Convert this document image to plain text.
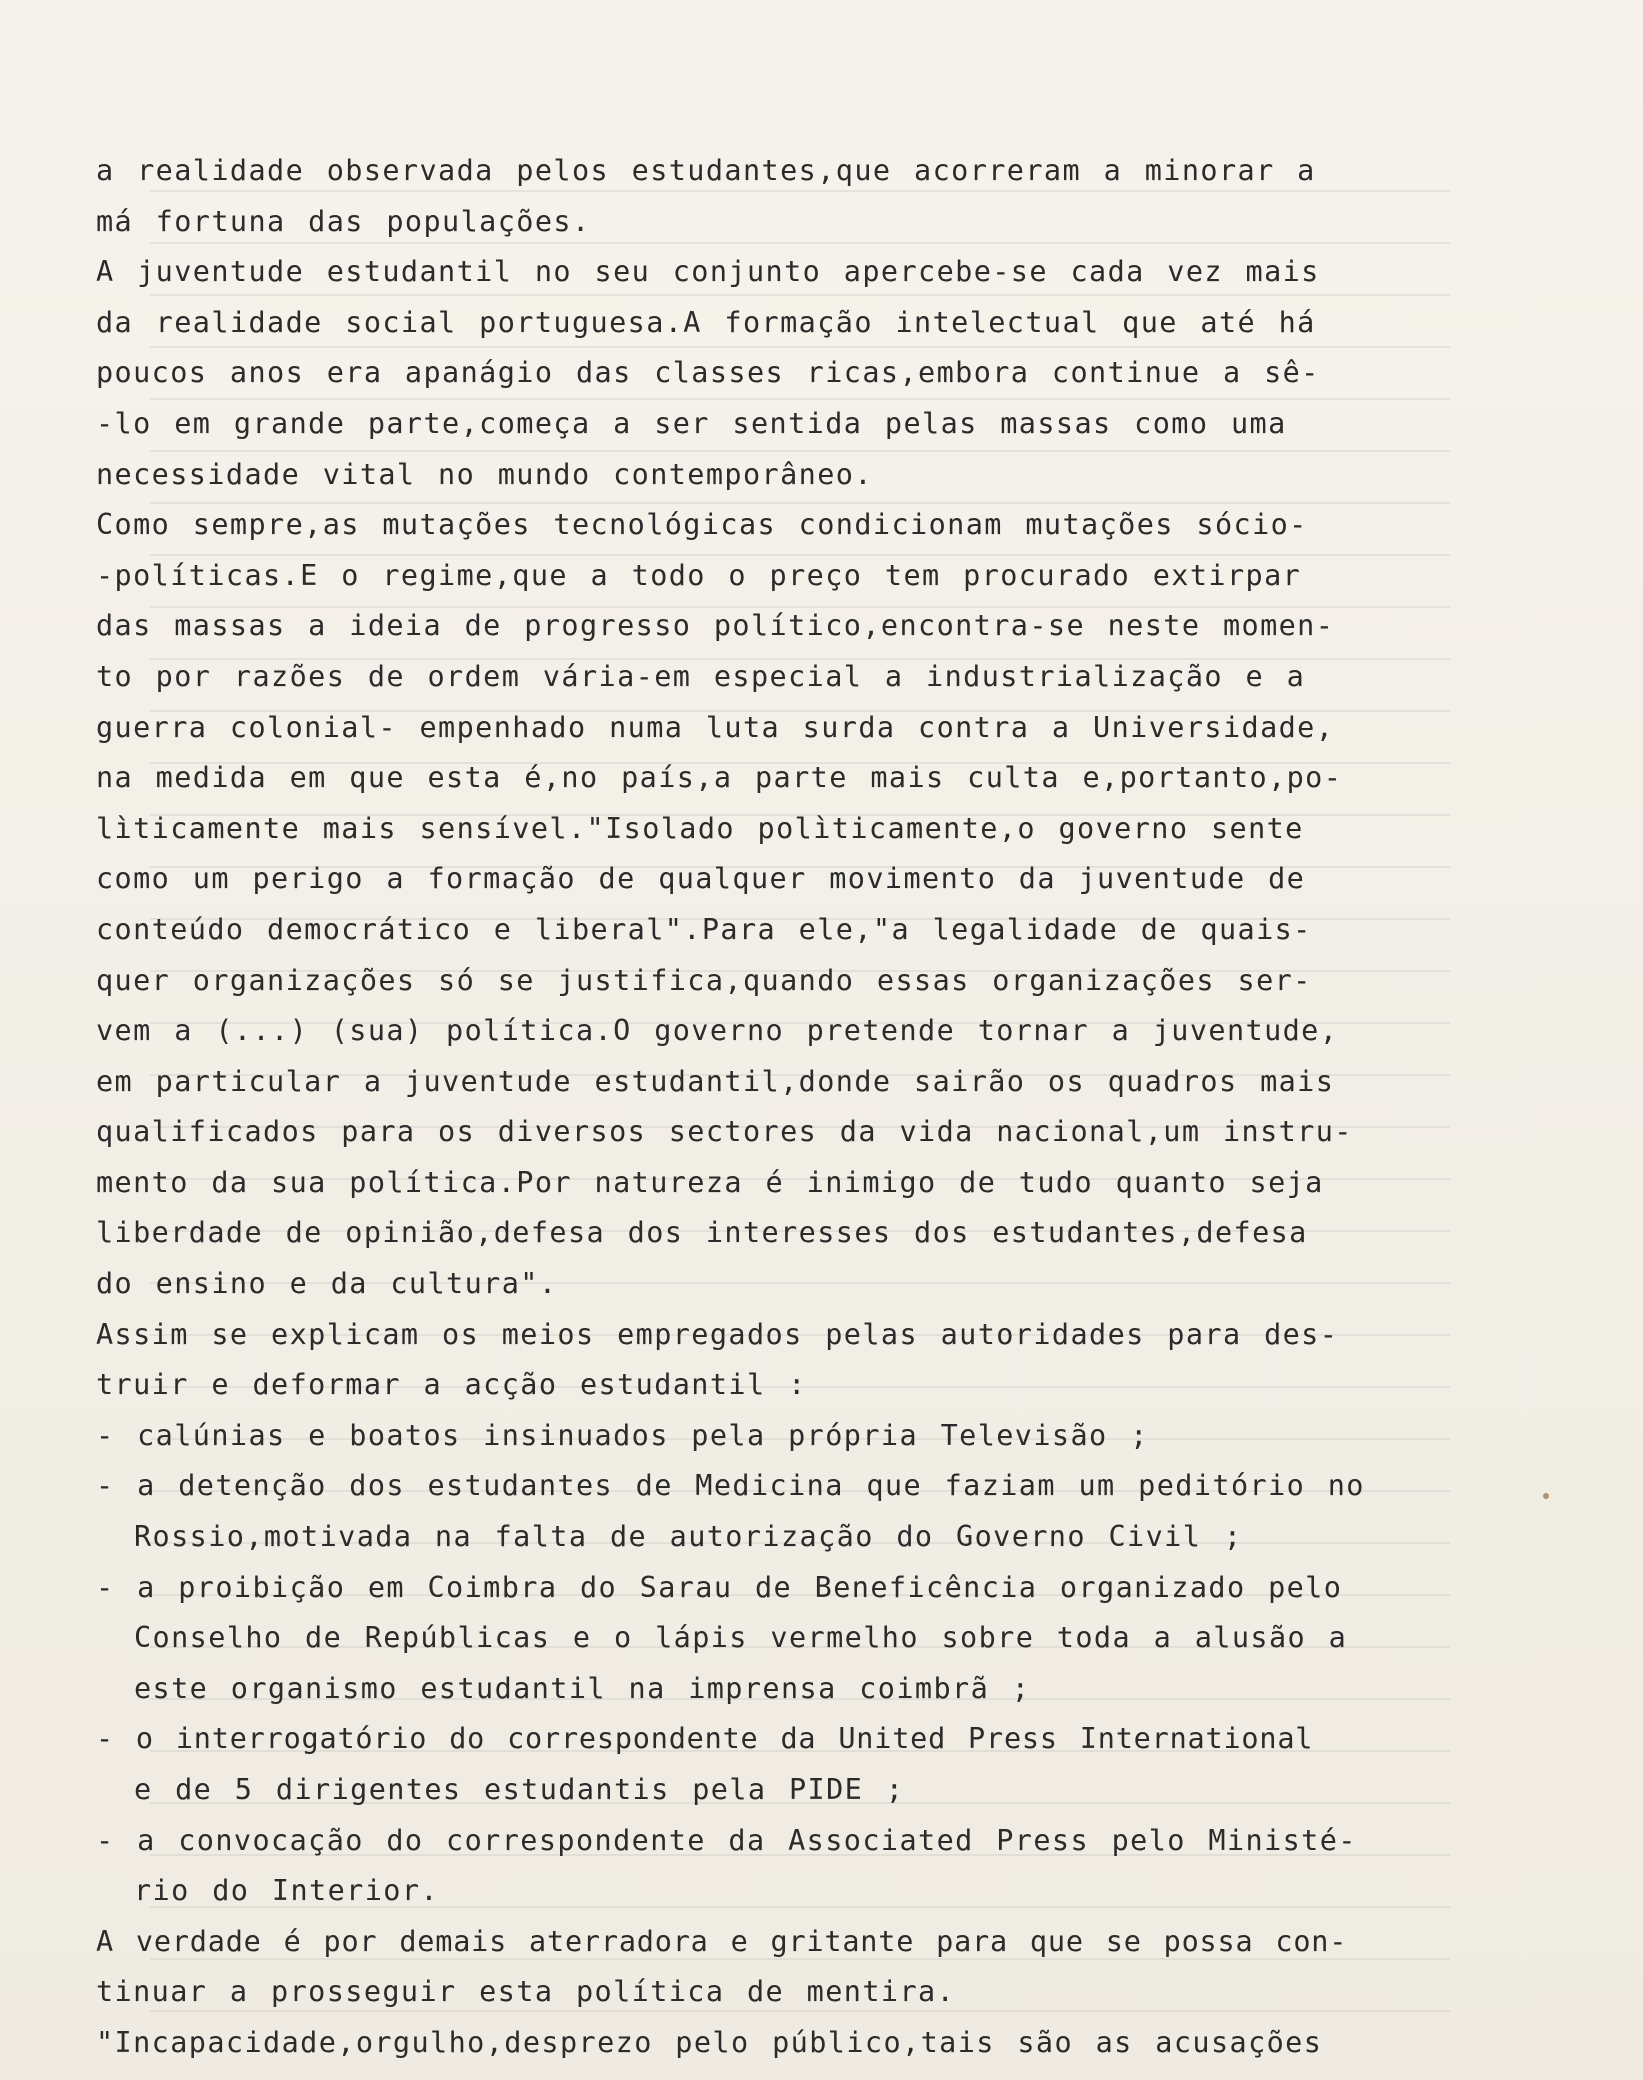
a realidade observada pelos estudantes,que acorreram a minorar a
má fortuna das populações.
A juventude estudantil no seu conjunto apercebe-se cada vez mais
da realidade social portuguesa.A formação intelectual que até há
poucos anos era apanágio das classes ricas,embora continue a sê-
-lo em grande parte,começa a ser sentida pelas massas como uma
necessidade vital no mundo contemporâneo.
Como sempre,as mutações tecnológicas condicionam mutações sócio-
-políticas.E o regime,que a todo o preço tem procurado extirpar
das massas a ideia de progresso político,encontra-se neste momen-
to por razões de ordem vária-em especial a industrialização e a
guerra colonial- empenhado numa luta surda contra a Universidade,
na medida em que esta é,no país,a parte mais culta e,portanto,po-
lìticamente mais sensível."Isolado polìticamente,o governo sente
como um perigo a formação de qualquer movimento da juventude de
conteúdo democrático e liberal".Para ele,"a legalidade de quais-
quer organizações só se justifica,quando essas organizações ser-
vem a (...) (sua) política.O governo pretende tornar a juventude,
em particular a juventude estudantil,donde sairão os quadros mais
qualificados para os diversos sectores da vida nacional,um instru-
mento da sua política.Por natureza é inimigo de tudo quanto seja
liberdade de opinião,defesa dos interesses dos estudantes,defesa
do ensino e da cultura".
Assim se explicam os meios empregados pelas autoridades para des-
truir e deformar a acção estudantil :
- calúnias e boatos insinuados pela própria Televisão ;
- a detenção dos estudantes de Medicina que faziam um peditório no
Rossio,motivada na falta de autorização do Governo Civil ;
- a proibição em Coimbra do Sarau de Beneficência organizado pelo
Conselho de Repúblicas e o lápis vermelho sobre toda a alusão a
este organismo estudantil na imprensa coimbrã ;
- o interrogatório do correspondente da United Press International
e de 5 dirigentes estudantis pela PIDE ;
- a convocação do correspondente da Associated Press pelo Ministé-
rio do Interior.
A verdade é por demais aterradora e gritante para que se possa con-
tinuar a prosseguir esta política de mentira.
"Incapacidade,orgulho,desprezo pelo público,tais são as acusações
